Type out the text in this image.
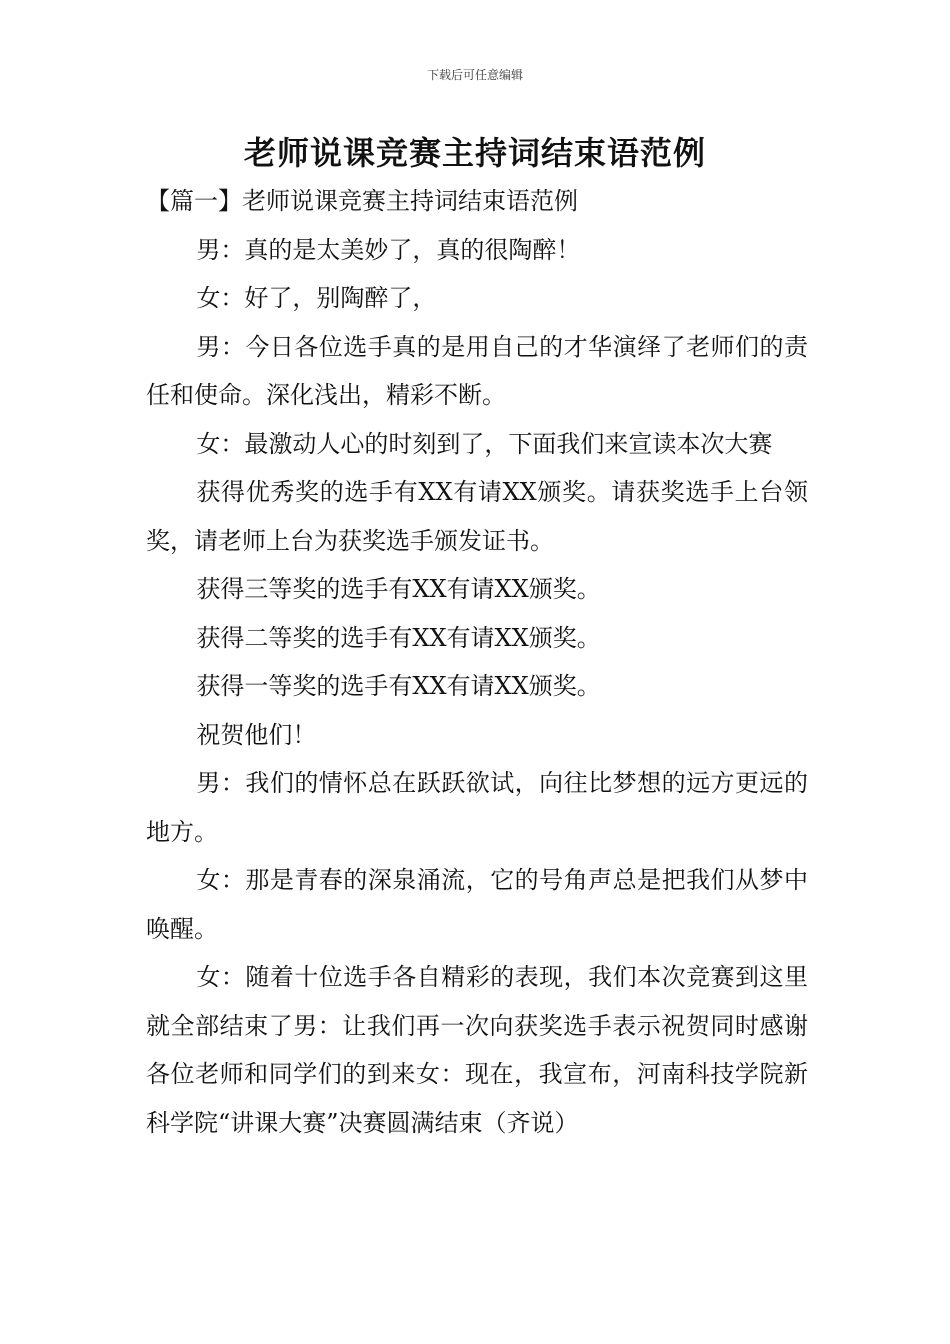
下载后可任意编辑
老师说课竞赛主持词结束语范例

【篇一】老师说课竞赛主持词结束语范例

男：真的是太美妙了，真的很陶醉！

女：好了，别陶醉了，

男：今日各位选手真的是用自己的才华演绎了老师们的责任和使命。深化浅出，精彩不断。

女：最激动人心的时刻到了，下面我们来宣读本次大赛

获得优秀奖的选手有XX有请XX颁奖。请获奖选手上台领奖，请老师上台为获奖选手颁发证书。

获得三等奖的选手有XX有请XX颁奖。

获得二等奖的选手有XX有请XX颁奖。

获得一等奖的选手有XX有请XX颁奖。

祝贺他们！

男：我们的情怀总在跃跃欲试，向往比梦想的远方更远的地方。

女：那是青春的深泉涌流，它的号角声总是把我们从梦中唤醒。

女：随着十位选手各自精彩的表现，我们本次竞赛到这里就全部结束了男：让我们再一次向获奖选手表示祝贺同时感谢各位老师和同学们的到来女：现在，我宣布，河南科技学院新科学院“讲课大赛”决赛圆满结束（齐说）
